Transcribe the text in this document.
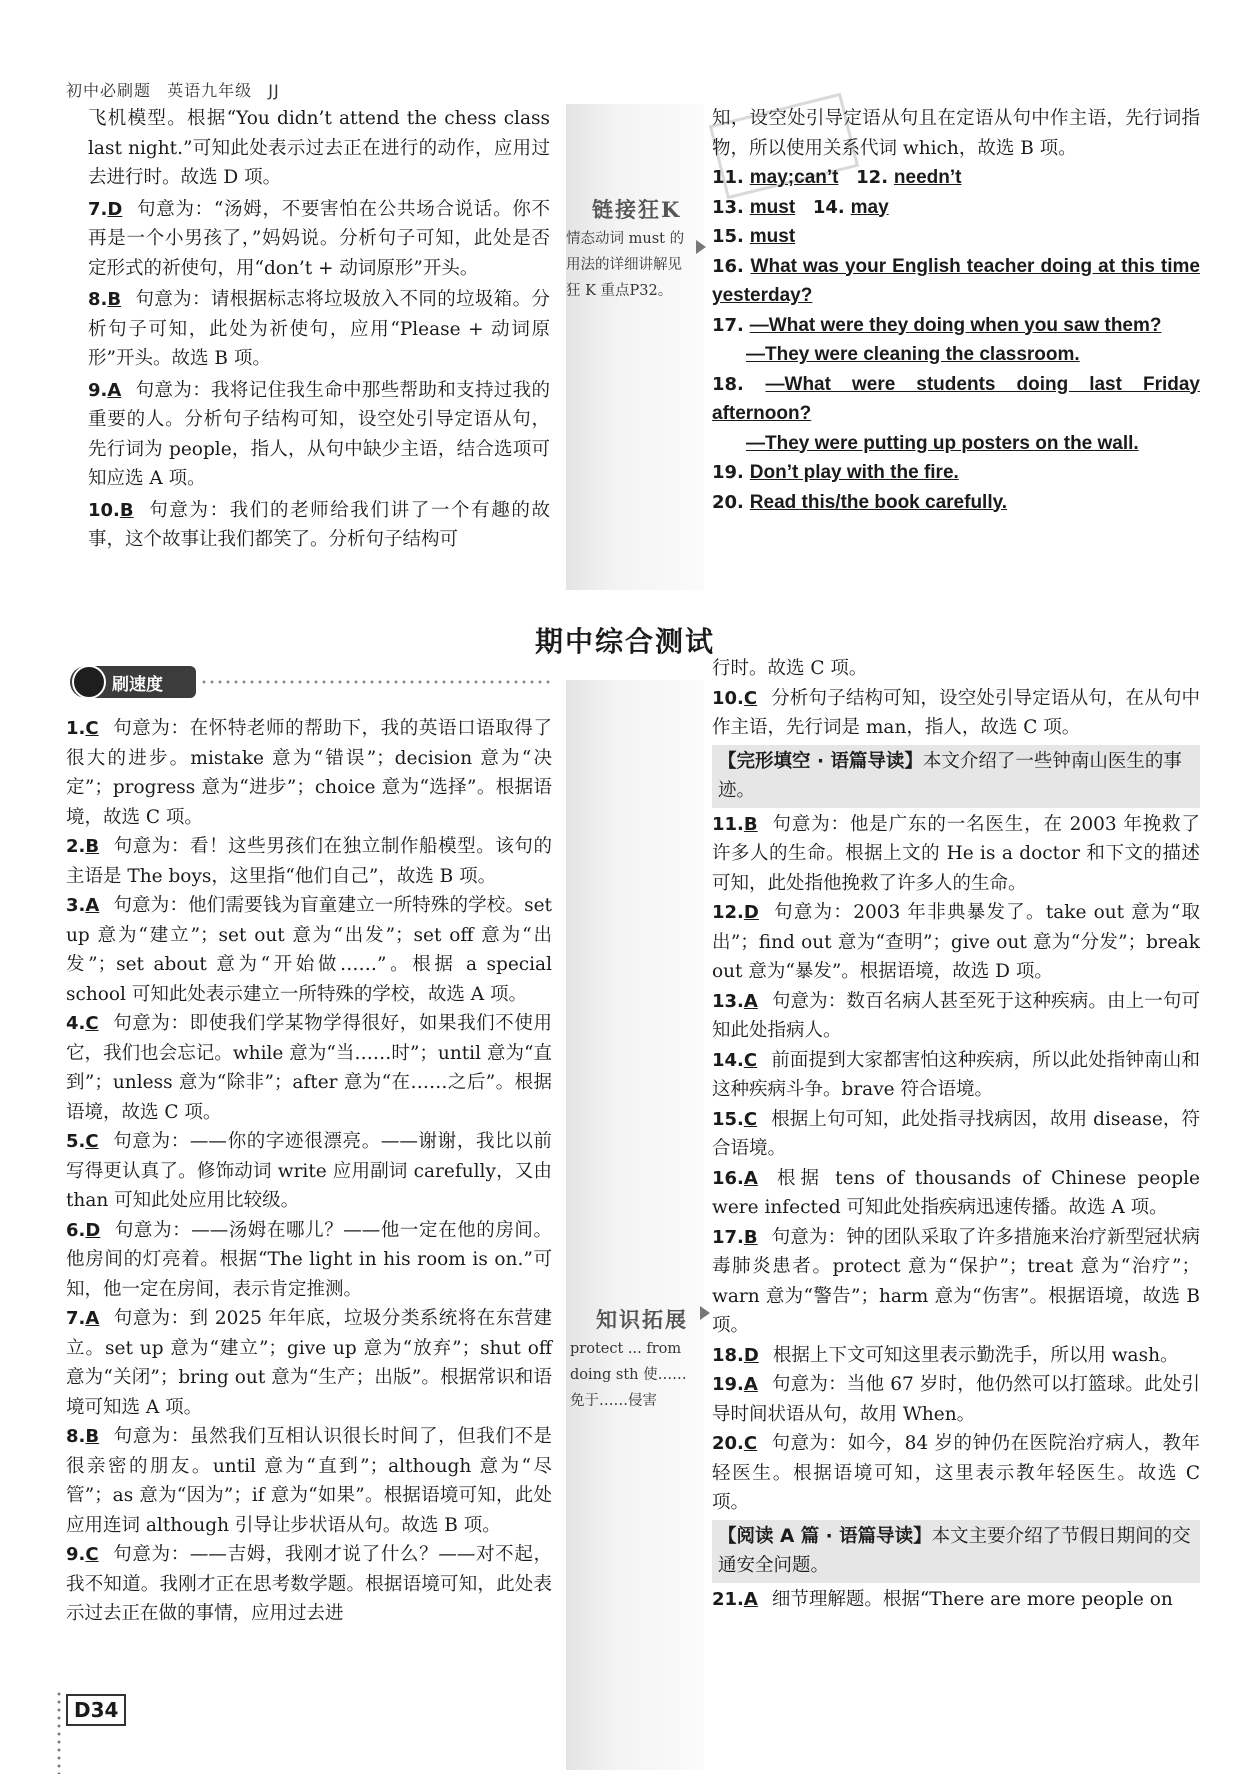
初中必刷题 英语九年级 JJ

飞机模型。根据“You didn’t attend the chess class last night.”可知此处表示过去正在进行的动作，应用过去进行时。故选 D 项。

7.D 句意为：“汤姆，不要害怕在公共场合说话。你不再是一个小男孩了，”妈妈说。分析句子可知，此处是否定形式的祈使句，用“don’t + 动词原形”开头。

8.B 句意为：请根据标志将垃圾放入不同的垃圾箱。分析句子可知，此处为祈使句，应用“Please + 动词原形”开头。故选 B 项。

9.A 句意为：我将记住我生命中那些帮助和支持过我的重要的人。分析句子结构可知，设空处引导定语从句，先行词为 people，指人，从句中缺少主语，结合选项可知应选 A 项。

10.B 句意为：我们的老师给我们讲了一个有趣的故事，这个故事让我们都笑了。分析句子结构可

链接狂K
情态动词 must 的用法的详细讲解见狂 K 重点P32。

知，设空处引导定语从句且在定语从句中作主语，先行词指物，所以使用关系代词 which，故选 B 项。

11. may;can’t 12. needn’t

13. must 14. may

15. must

16. What was your English teacher doing at this time yesterday?

17. —What were they doing when you saw them?
—They were cleaning the classroom.

18. —What were students doing last Friday afternoon?
—They were putting up posters on the wall.

19. Don’t play with the fire.

20. Read this/the book carefully.

期中综合测试
刷速度

1.C 句意为：在怀特老师的帮助下，我的英语口语取得了很大的进步。mistake 意为“错误”；decision 意为“决定”；progress 意为“进步”；choice 意为“选择”。根据语境，故选 C 项。

2.B 句意为：看！这些男孩们在独立制作船模型。该句的主语是 The boys，这里指“他们自己”，故选 B 项。

3.A 句意为：他们需要钱为盲童建立一所特殊的学校。set up 意为“建立”；set out 意为“出发”；set off 意为“出发”；set about 意为“开始做……”。根据 a special school 可知此处表示建立一所特殊的学校，故选 A 项。

4.C 句意为：即使我们学某物学得很好，如果我们不使用它，我们也会忘记。while 意为“当……时”；until 意为“直到”；unless 意为“除非”；after 意为“在……之后”。根据语境，故选 C 项。

5.C 句意为：——你的字迹很漂亮。——谢谢，我比以前写得更认真了。修饰动词 write 应用副词 carefully，又由 than 可知此处应用比较级。

6.D 句意为：——汤姆在哪儿？——他一定在他的房间。他房间的灯亮着。根据“The light in his room is on.”可知，他一定在房间，表示肯定推测。

7.A 句意为：到 2025 年年底，垃圾分类系统将在东营建立。set up 意为“建立”；give up 意为“放弃”；shut off 意为“关闭”；bring out 意为“生产；出版”。根据常识和语境可知选 A 项。

8.B 句意为：虽然我们互相认识很长时间了，但我们不是很亲密的朋友。until 意为“直到”；although 意为“尽管”；as 意为“因为”；if 意为“如果”。根据语境可知，此处应用连词 although 引导让步状语从句。故选 B 项。

9.C 句意为：——吉姆，我刚才说了什么？——对不起，我不知道。我刚才正在思考数学题。根据语境可知，此处表示过去正在做的事情，应用过去进

知识拓展
protect ... from doing sth 使……免于……侵害

行时。故选 C 项。

10.C 分析句子结构可知，设空处引导定语从句，在从句中作主语，先行词是 man，指人，故选 C 项。

【完形填空 · 语篇导读】本文介绍了一些钟南山医生的事迹。

11.B 句意为：他是广东的一名医生，在 2003 年挽救了许多人的生命。根据上文的 He is a doctor 和下文的描述可知，此处指他挽救了许多人的生命。

12.D 句意为：2003 年非典暴发了。take out 意为“取出”；find out 意为“查明”；give out 意为“分发”；break out 意为“暴发”。根据语境，故选 D 项。

13.A 句意为：数百名病人甚至死于这种疾病。由上一句可知此处指病人。

14.C 前面提到大家都害怕这种疾病，所以此处指钟南山和这种疾病斗争。brave 符合语境。

15.C 根据上句可知，此处指寻找病因，故用 disease，符合语境。

16.A 根据 tens of thousands of Chinese people were infected 可知此处指疾病迅速传播。故选 A 项。

17.B 句意为：钟的团队采取了许多措施来治疗新型冠状病毒肺炎患者。protect 意为“保护”；treat 意为“治疗”；warn 意为“警告”；harm 意为“伤害”。根据语境，故选 B 项。

18.D 根据上下文可知这里表示勤洗手，所以用 wash。

19.A 句意为：当他 67 岁时，他仍然可以打篮球。此处引导时间状语从句，故用 When。

20.C 句意为：如今，84 岁的钟仍在医院治疗病人，教年轻医生。根据语境可知，这里表示教年轻医生。故选 C 项。

【阅读 A 篇 · 语篇导读】本文主要介绍了节假日期间的交通安全问题。

21.A 细节理解题。根据“There are more people on

D34
